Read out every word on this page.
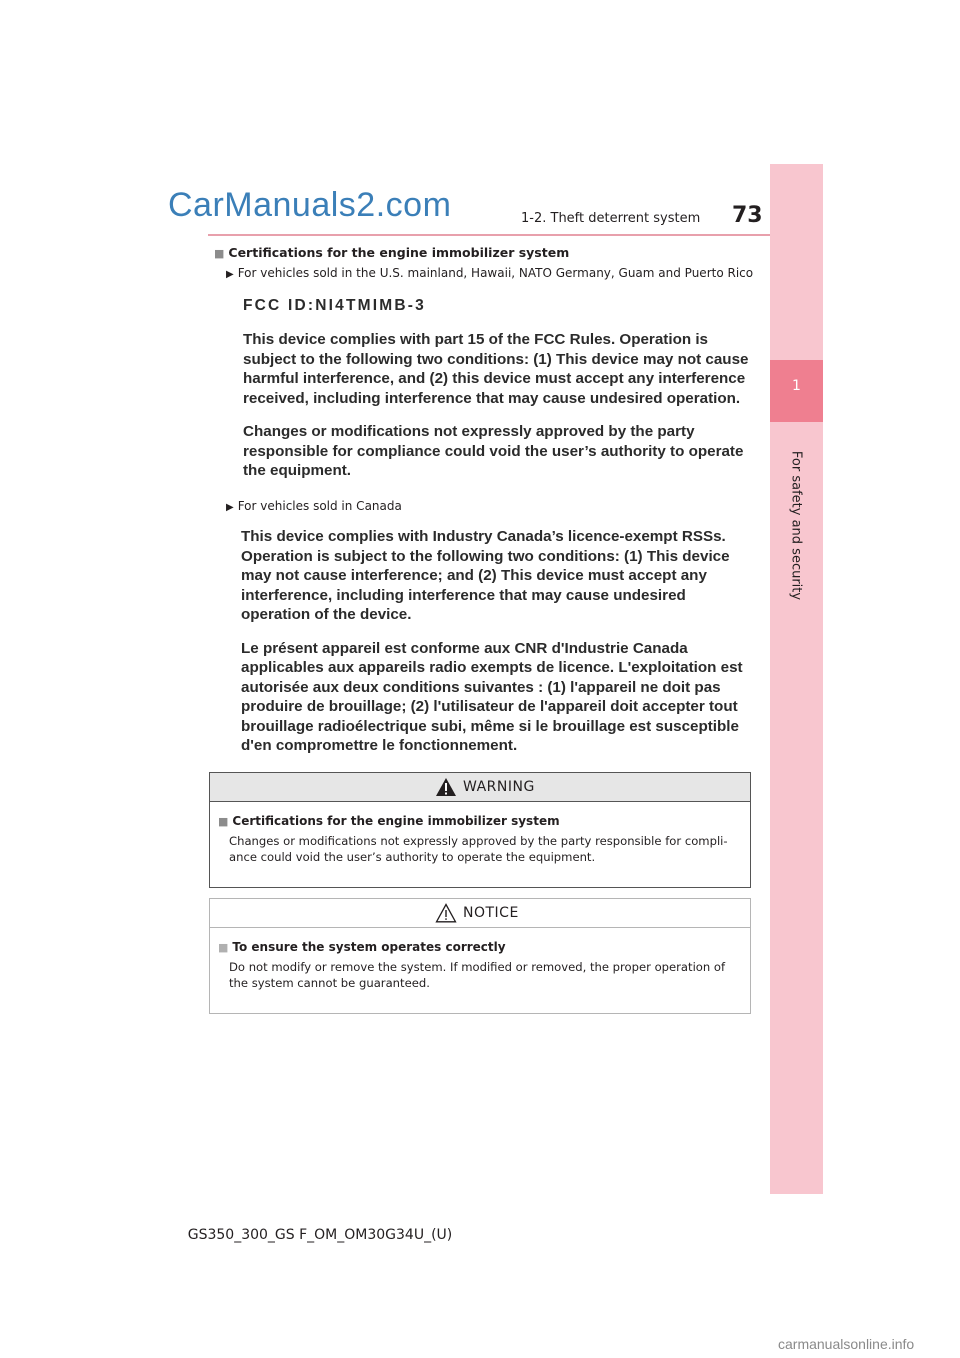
CarManuals2.com	1-2. Theft deterrent system 73
1
For safety and security
■ Certifications for the engine immobilizer system
▶ For vehicles sold in the U.S. mainland, Hawaii, NATO Germany, Guam and Puerto Rico
FCC ID:NI4TMIMB-3

This device complies with part 15 of the FCC Rules. Operation is

subject to the following two conditions: (1) This device may not cause

harmful interference, and (2) this device must accept any interference

received, including interference that may cause undesired operation.

Changes or modifications not expressly approved by the party

responsible for compliance could void the user’s authority to operate

the equipment.

▶ For vehicles sold in Canada

This device complies with Industry Canada’s licence-exempt RSSs.

Operation is subject to the following two conditions: (1) This device

may not cause interference; and (2) This device must accept any

interference, including interference that may cause undesired

operation of the device.

Le présent appareil est conforme aux CNR d'Industrie Canada

applicables aux appareils radio exempts de licence. L'exploitation est

autorisée aux deux conditions suivantes : (1) l'appareil ne doit pas

produire de brouillage; (2) l'utilisateur de l'appareil doit accepter tout

brouillage radioélectrique subi, même si le brouillage est susceptible

d'en compromettre le fonctionnement.

WARNING
■ Certifications for the engine immobilizer system
Changes or modifications not expressly approved by the party responsible for compli-
ance could void the user’s authority to operate the equipment.
NOTICE
■ To ensure the system operates correctly
Do not modify or remove the system. If modified or removed, the proper operation of
the system cannot be guaranteed.
GS350_300_GS F_OM_OM30G34U_(U)
carmanualsonline.info
